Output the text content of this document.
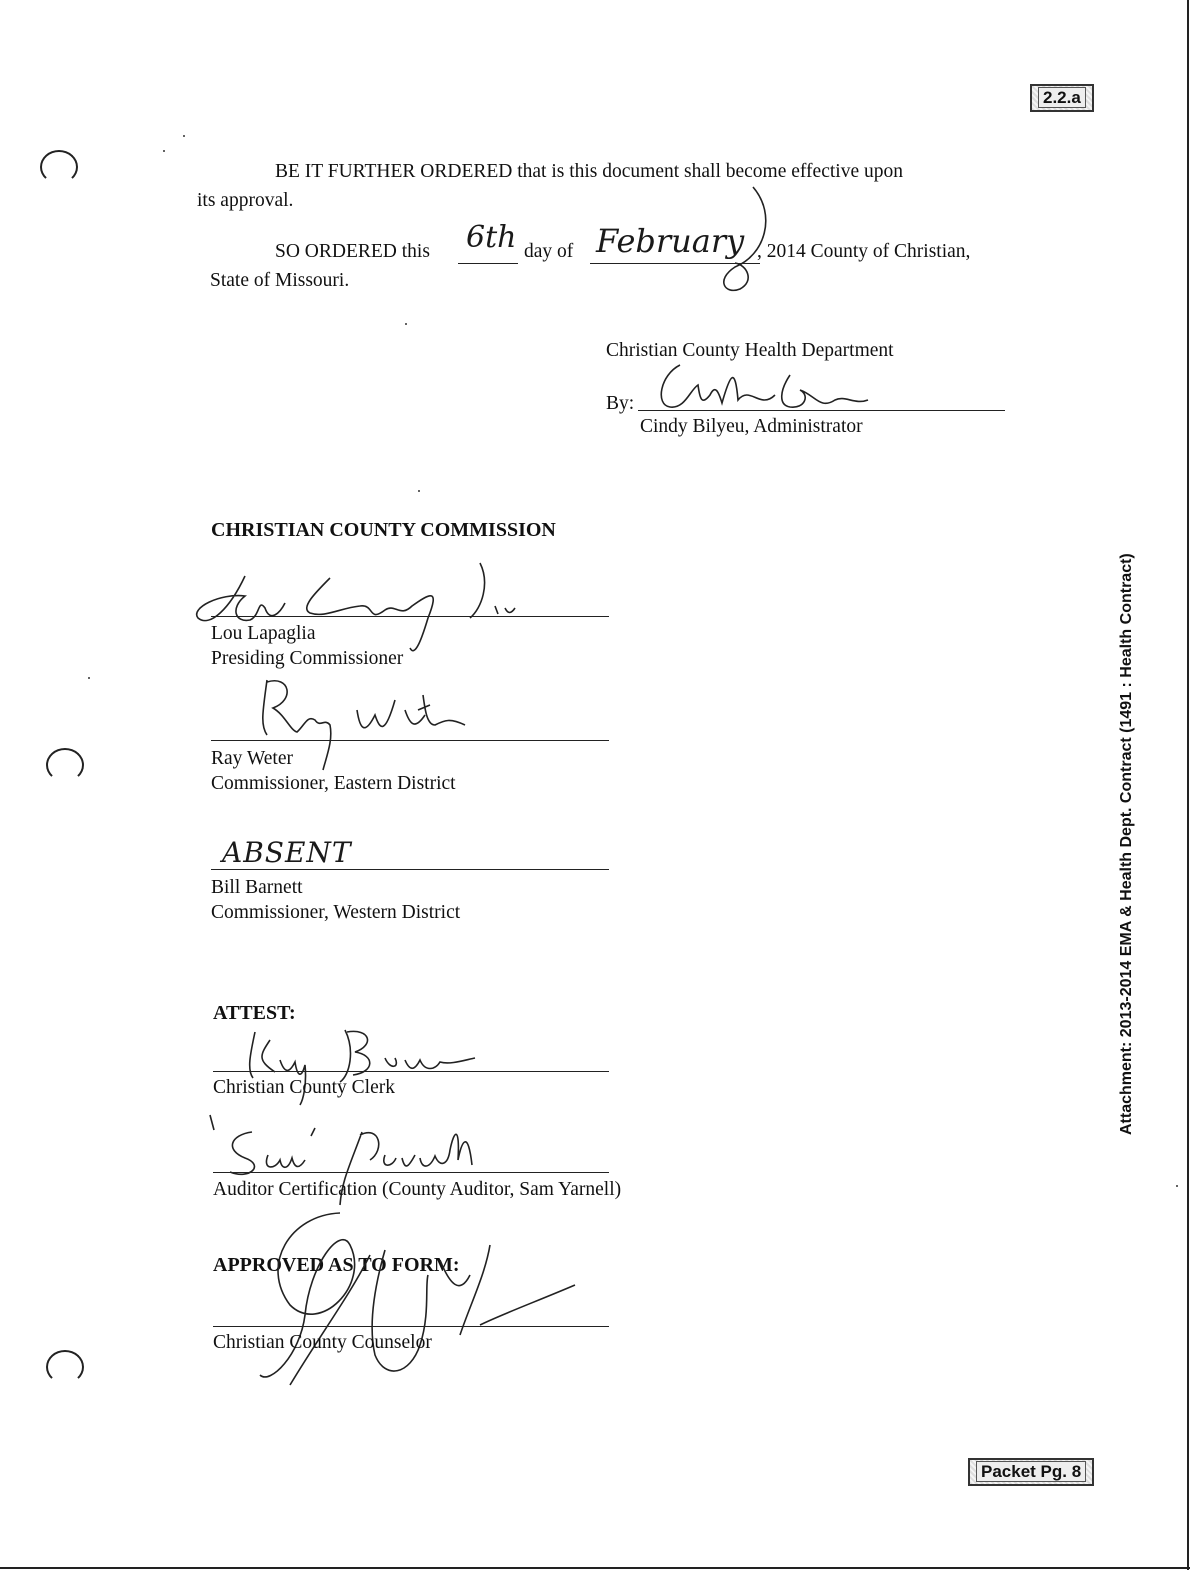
2.2.a
BE IT FURTHER ORDERED that is this document shall become effective upon
its approval.
SO ORDERED this 6th day of February , 2014 County of Christian,
State of Missouri.
Christian County Health Department
By:
Cindy Bilyeu, Administrator
CHRISTIAN COUNTY COMMISSION
Lou Lapaglia
Presiding Commissioner
Ray Weter
Commissioner, Eastern District
ABSENT
Bill Barnett
Commissioner, Western District
ATTEST:
Christian County Clerk
Auditor Certification (County Auditor, Sam Yarnell)
APPROVED AS TO FORM:
Christian County Counselor
Attachment: 2013-2014 EMA & Health Dept. Contract (1491 : Health Contract)
Packet Pg. 8
